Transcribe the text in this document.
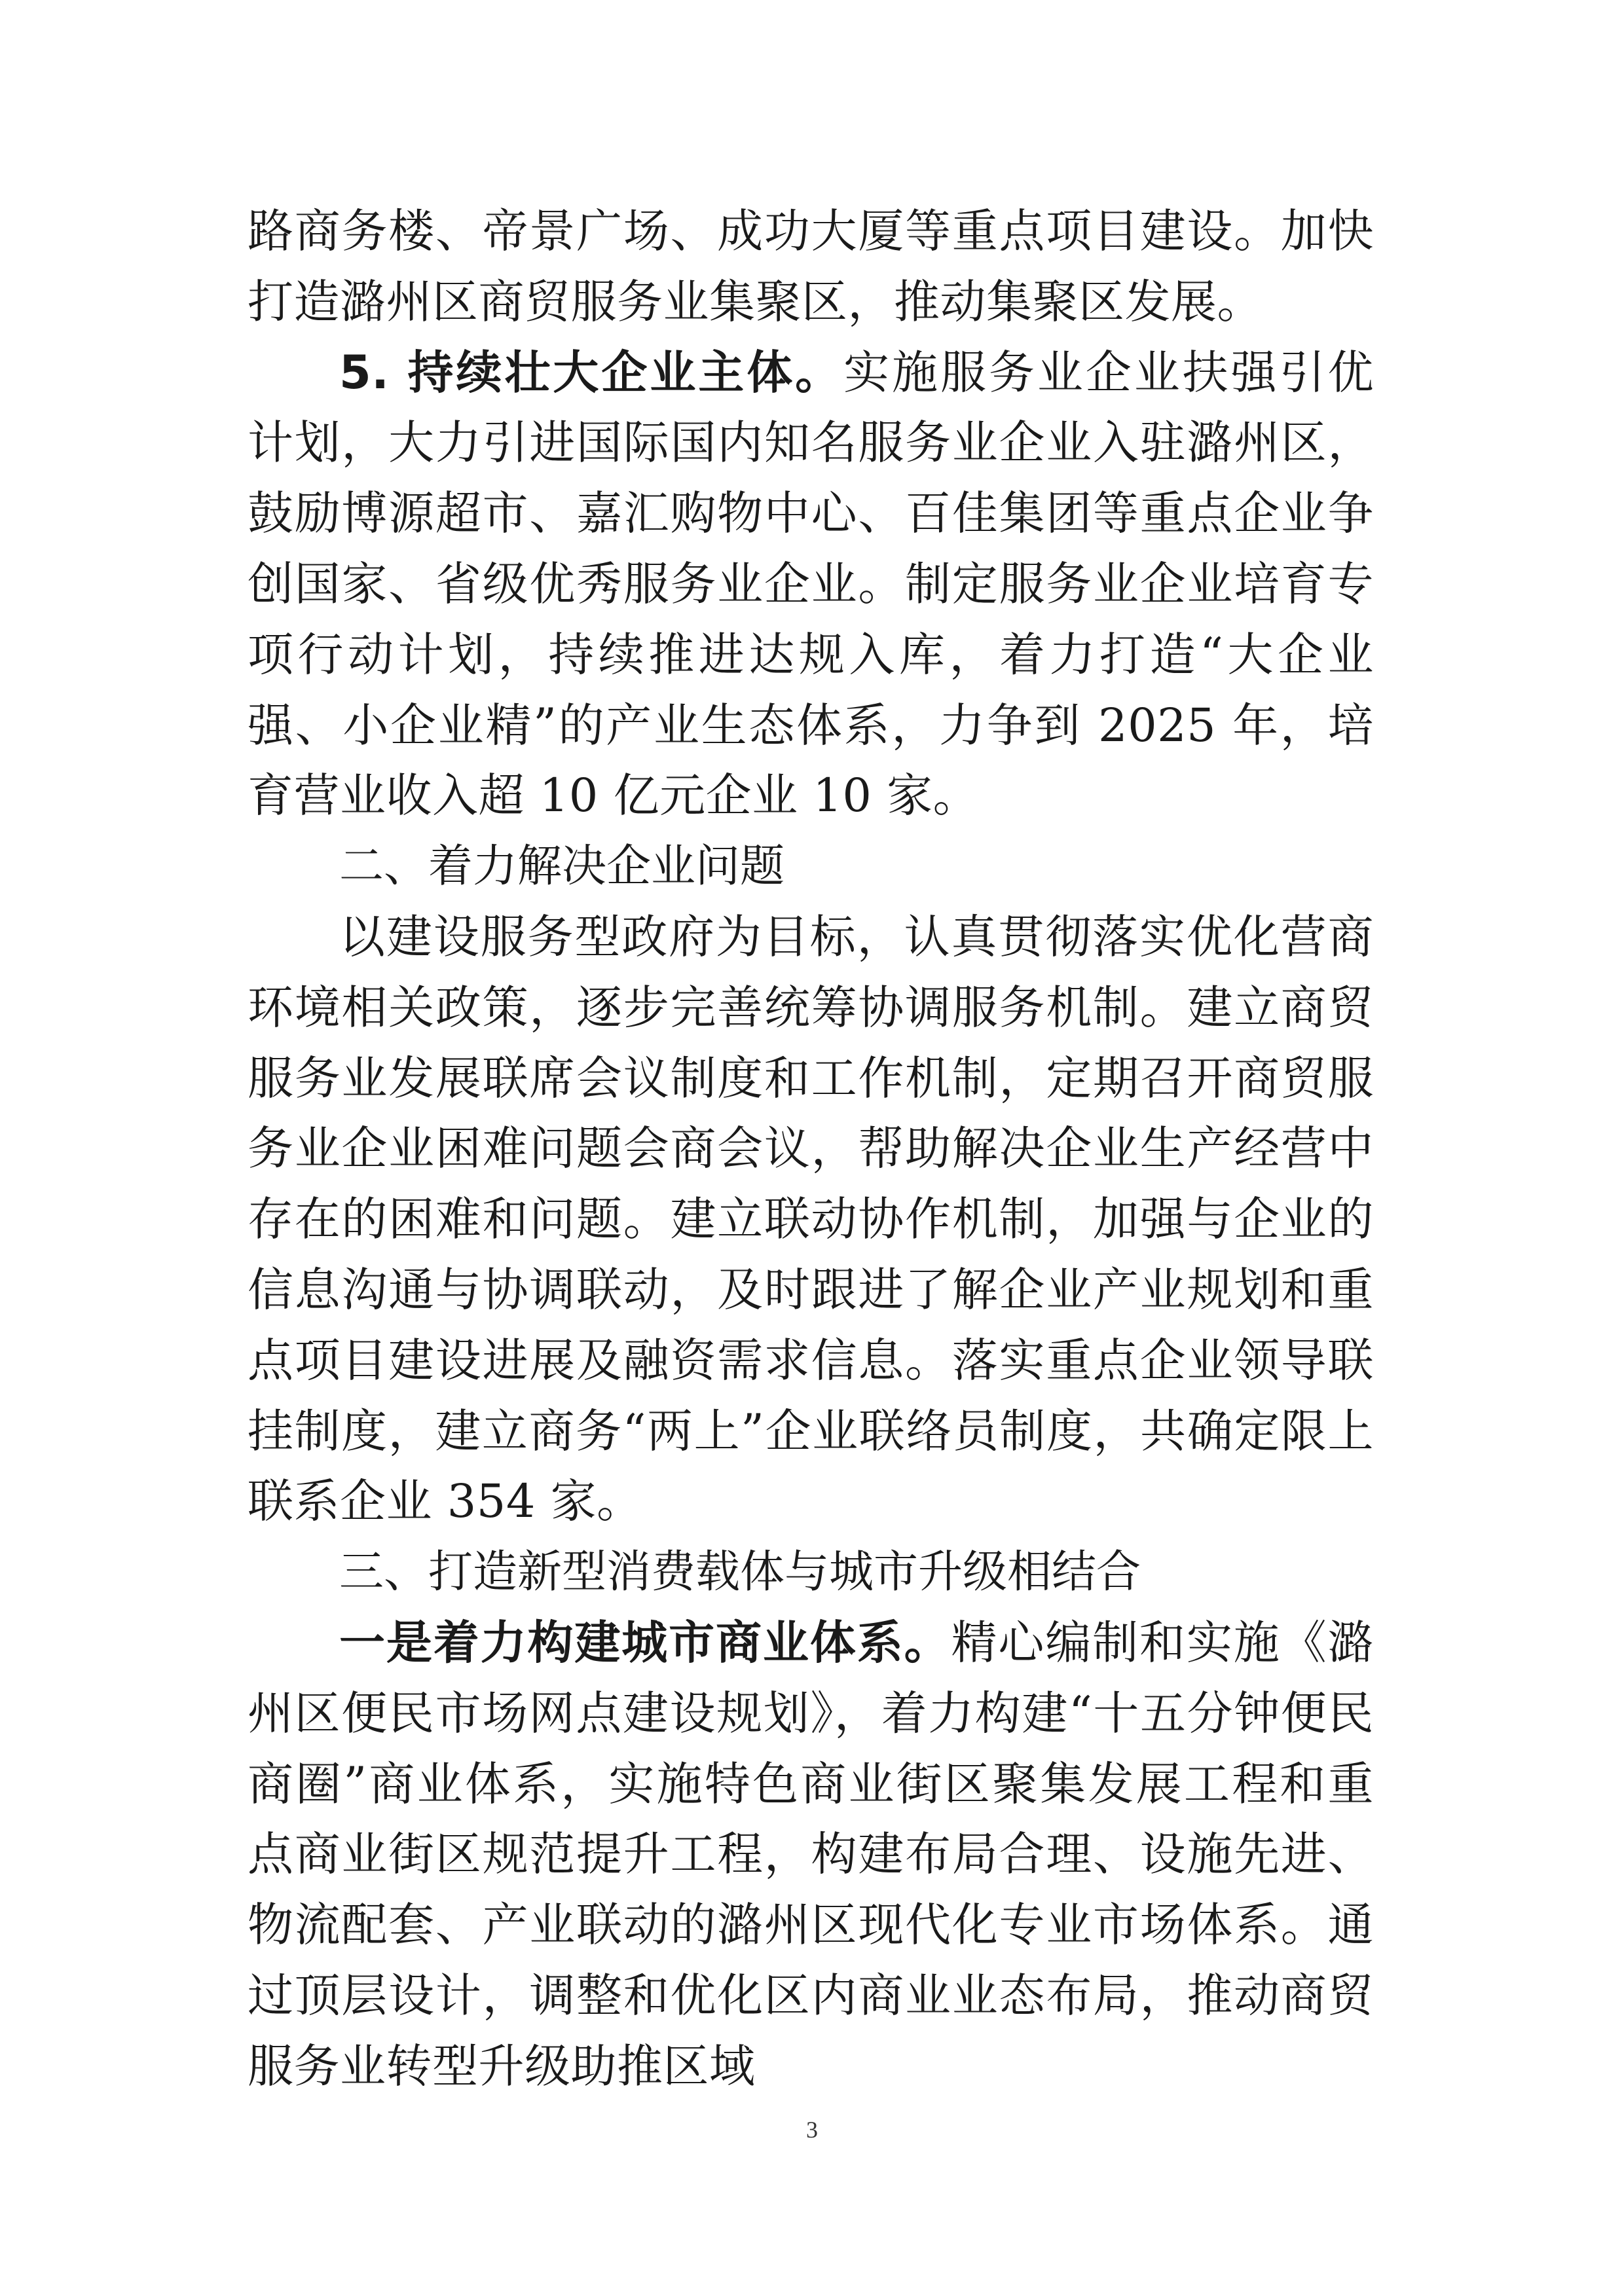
路商务楼、帝景广场、成功大厦等重点项目建设。加快打造潞州区商贸服务业集聚区，推动集聚区发展。

5. 持续壮大企业主体。实施服务业企业扶强引优计划，大力引进国际国内知名服务业企业入驻潞州区，鼓励博源超市、嘉汇购物中心、百佳集团等重点企业争创国家、省级优秀服务业企业。制定服务业企业培育专项行动计划，持续推进达规入库，着力打造“大企业强、小企业精”的产业生态体系，力争到 2025 年，培育营业收入超 10 亿元企业 10 家。

二、着力解决企业问题

以建设服务型政府为目标，认真贯彻落实优化营商环境相关政策，逐步完善统筹协调服务机制。建立商贸服务业发展联席会议制度和工作机制，定期召开商贸服务业企业困难问题会商会议，帮助解决企业生产经营中存在的困难和问题。建立联动协作机制，加强与企业的信息沟通与协调联动，及时跟进了解企业产业规划和重点项目建设进展及融资需求信息。落实重点企业领导联挂制度，建立商务“两上”企业联络员制度，共确定限上联系企业 354 家。

三、打造新型消费载体与城市升级相结合

一是着力构建城市商业体系。精心编制和实施《潞州区便民市场网点建设规划》，着力构建“十五分钟便民商圈”商业体系，实施特色商业街区聚集发展工程和重点商业街区规范提升工程，构建布局合理、设施先进、物流配套、产业联动的潞州区现代化专业市场体系。通过顶层设计，调整和优化区内商业业态布局，推动商贸服务业转型升级助推区域

3
